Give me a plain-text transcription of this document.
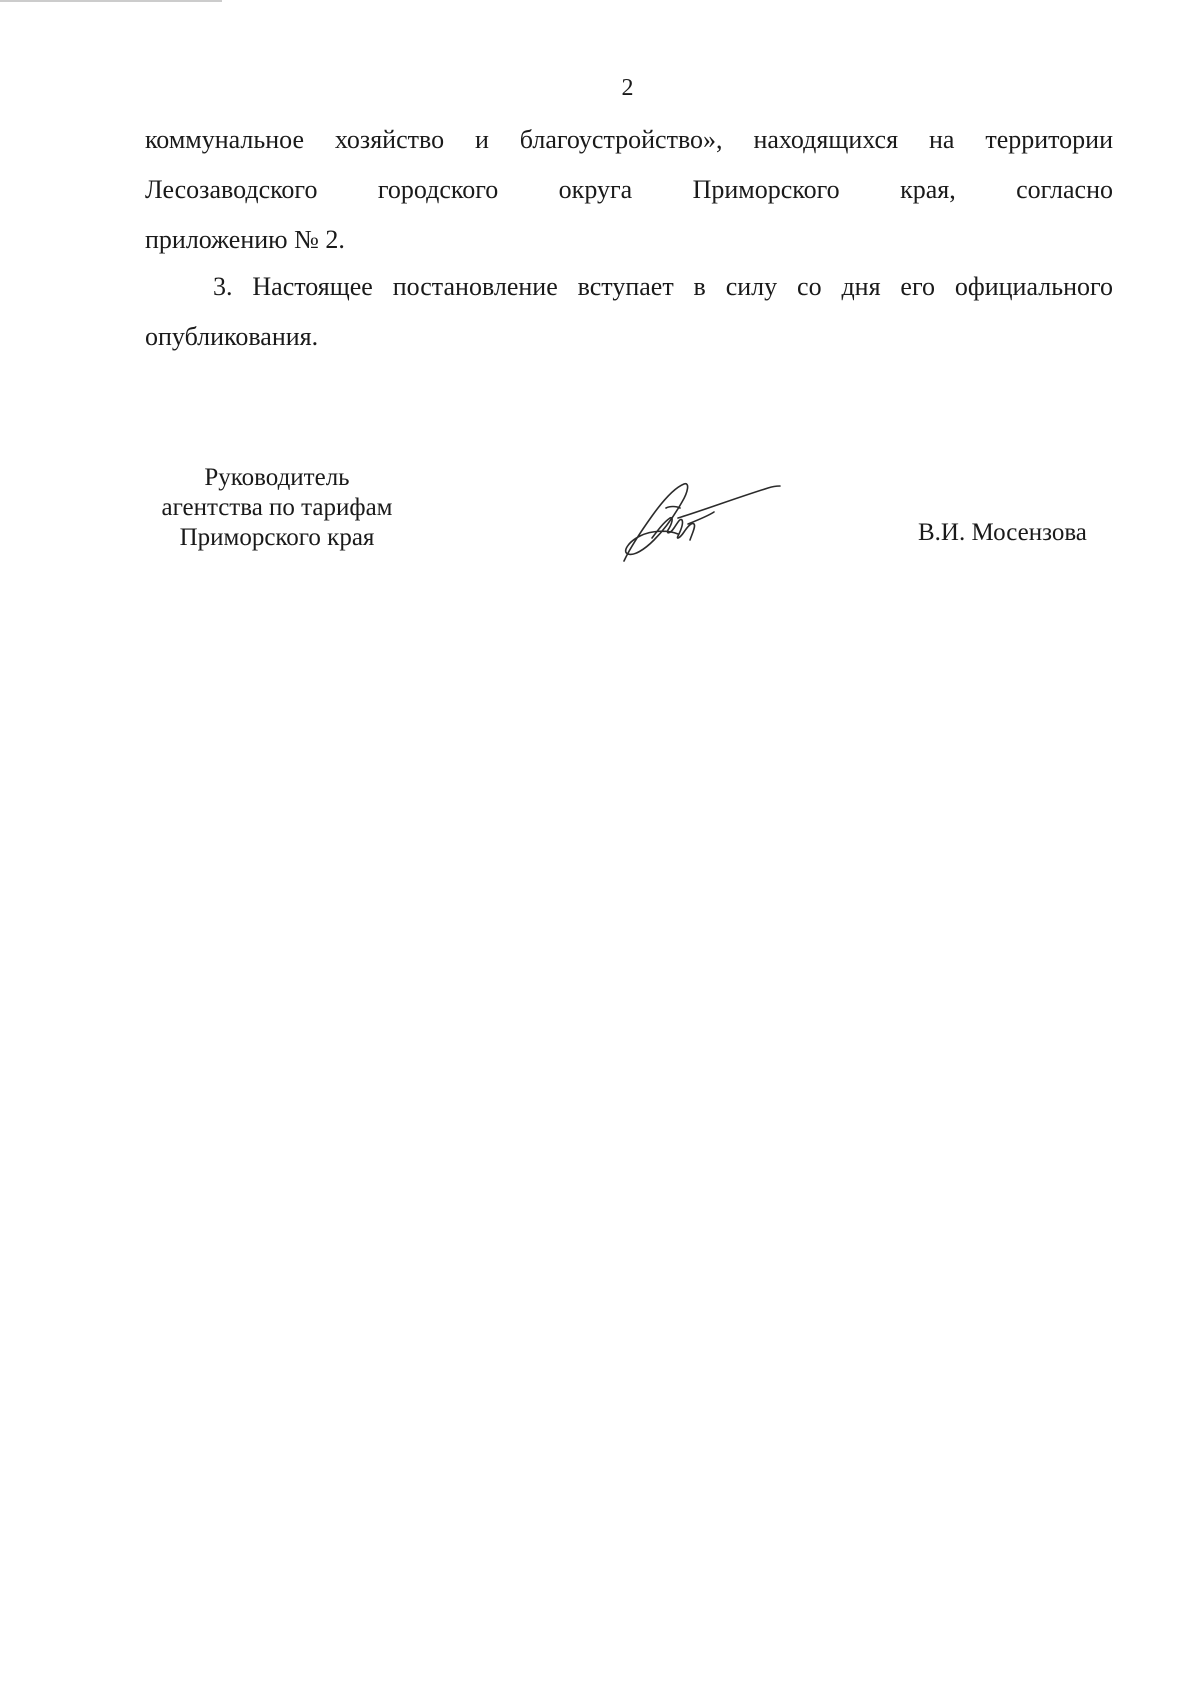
2
коммунальное хозяйство и благоустройство», находящихся на территории
Лесозаводского городского округа Приморского края, согласно
приложению № 2.
3. Настоящее постановление вступает в силу со дня его официального
опубликования.
Руководитель
агентства по тарифам
Приморского края	В.И. Мосензова
